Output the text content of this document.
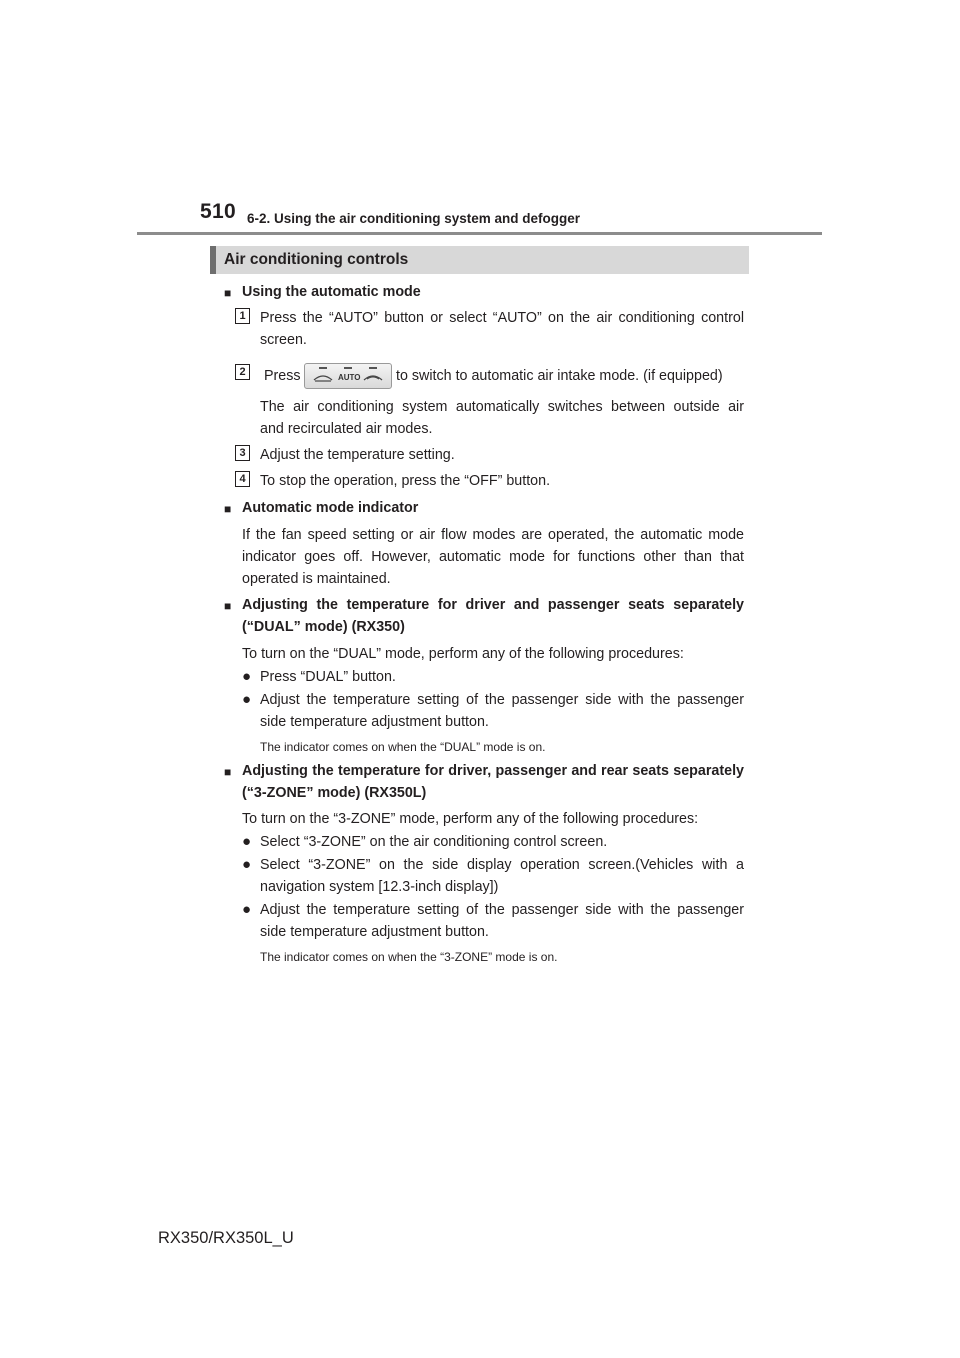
510 6-2. Using the air conditioning system and defogger
Air conditioning controls
■ Using the automatic mode
1	Press the “AUTO” button or select “AUTO” on the air conditioning control
screen.
2	Press	AUTO to switch to automatic air intake mode. (if equipped)
The air conditioning system automatically switches between outside air
and recirculated air modes.
3	Adjust the temperature setting.
4	To stop the operation, press the “OFF” button.
■ Automatic mode indicator
If the fan speed setting or air flow modes are operated, the automatic mode
indicator goes off. However, automatic mode for functions other than that
operated is maintained.
■ Adjusting the temperature for driver and passenger seats separately
(“DUAL” mode) (RX350)
To turn on the “DUAL” mode, perform any of the following procedures:
● Press “DUAL” button.
● Adjust the temperature setting of the passenger side with the passenger
side temperature adjustment button.
The indicator comes on when the “DUAL” mode is on.
■ Adjusting the temperature for driver, passenger and rear seats separately
(“3-ZONE” mode) (RX350L)
To turn on the “3-ZONE” mode, perform any of the following procedures:
● Select “3-ZONE” on the air conditioning control screen.
● Select “3-ZONE” on the side display operation screen.(Vehicles with a
navigation system [12.3-inch display])
● Adjust the temperature setting of the passenger side with the passenger
side temperature adjustment button.
The indicator comes on when the “3-ZONE” mode is on.
RX350/RX350L_U
